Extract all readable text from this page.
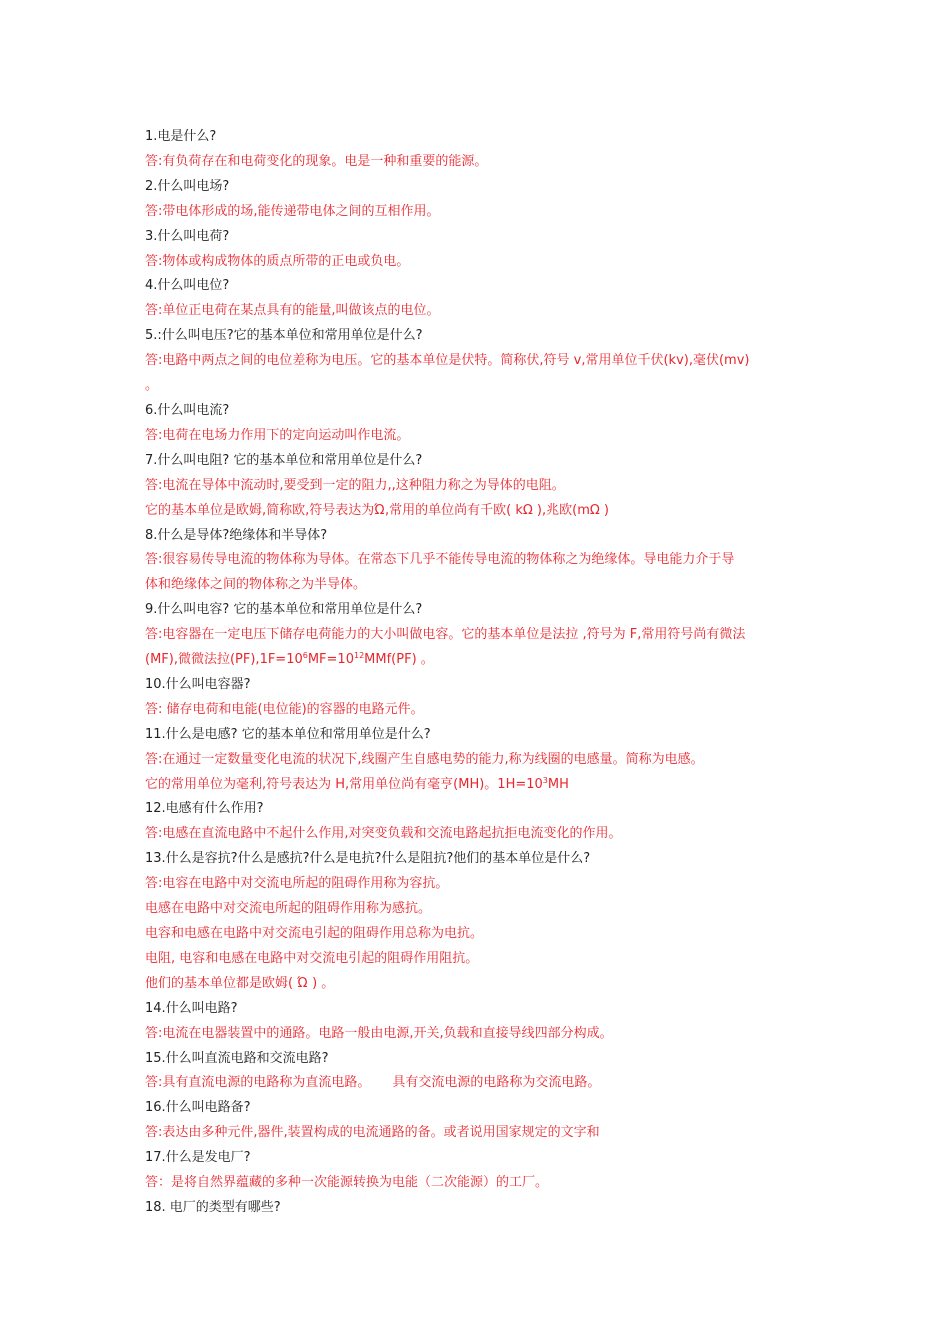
1.电是什么?
答:有负荷存在和电荷变化的现象。电是一种和重要的能源。
2.什么叫电场?
答:带电体形成的场,能传递带电体之间的互相作用。
3.什么叫电荷?
答:物体或构成物体的质点所带的正电或负电。
4.什么叫电位?
答:单位正电荷在某点具有的能量,叫做该点的电位。
5.:什么叫电压?它的基本单位和常用单位是什么?
答:电路中两点之间的电位差称为电压。它的基本单位是伏特。简称伏,符号 v,常用单位千伏(kv),毫伏(mv)
。
6.什么叫电流?
答:电荷在电场力作用下的定向运动叫作电流。
7.什么叫电阻? 它的基本单位和常用单位是什么?
答:电流在导体中流动时,要受到一定的阻力,,这种阻力称之为导体的电阻。
它的基本单位是欧姆,简称欧,符号表达为Ώ,常用的单位尚有千欧( kΩ ),兆欧(mΩ )
8.什么是导体?绝缘体和半导体?
答:很容易传导电流的物体称为导体。在常态下几乎不能传导电流的物体称之为绝缘体。导电能力介于导
体和绝缘体之间的物体称之为半导体。
9.什么叫电容? 它的基本单位和常用单位是什么?
答:电容器在一定电压下储存电荷能力的大小叫做电容。它的基本单位是法拉 ,符号为 F,常用符号尚有微法
(MF),微微法拉$(PF),1F=10^6MF=10^{12}MMf(PF)$ 。
10.什么叫电容器?
答: 储存电荷和电能(电位能)的容器的电路元件。
11.什么是电感? 它的基本单位和常用单位是什么?
答:在通过一定数量变化电流的状况下,线圈产生自感电势的能力,称为线圈的电感量。简称为电感。
它的常用单位为毫利,符号表达为 H,常用单位尚有毫亨(MH)。$1H=10^3MH$
12.电感有什么作用?
答:电感在直流电路中不起什么作用,对突变负载和交流电路起抗拒电流变化的作用。
13.什么是容抗?什么是感抗?什么是电抗?什么是阻抗?他们的基本单位是什么?
答:电容在电路中对交流电所起的阻碍作用称为容抗。
电感在电路中对交流电所起的阻碍作用称为感抗。
电容和电感在电路中对交流电引起的阻碍作用总称为电抗。
电阻, 电容和电感在电路中对交流电引起的阻碍作用阻抗。
他们的基本单位都是欧姆( Ώ ) 。
14.什么叫电路?
答:电流在电器装置中的通路。电路一般由电源,开关,负载和直接导线四部分构成。
15.什么叫直流电路和交流电路?
答:具有直流电源的电路称为直流电路。 具有交流电源的电路称为交流电路。
16.什么叫电路备?
答:表达由多种元件,器件,装置构成的电流通路的备。或者说用国家规定的文字和
17.什么是发电厂?
答：是将自然界蕴藏的多种一次能源转换为电能（二次能源）的工厂。
18. 电厂的类型有哪些?
